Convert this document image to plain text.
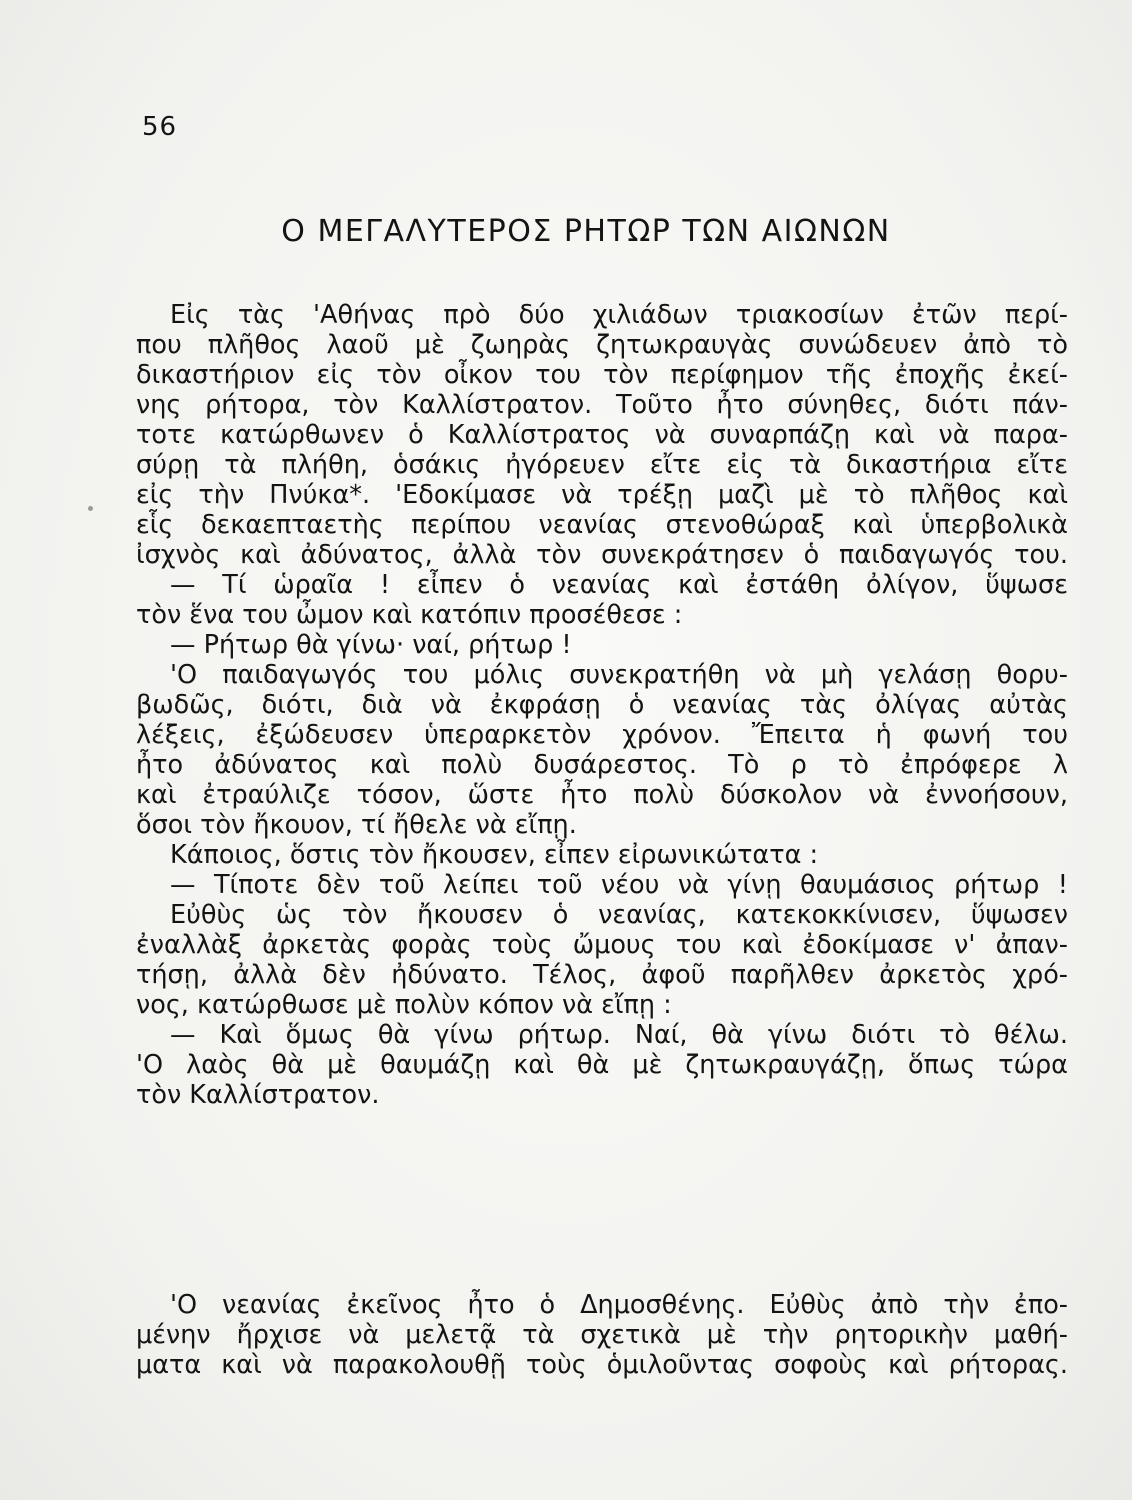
56
Ο ΜΕΓΑΛΥΤΕΡΟΣ ΡΗΤΩΡ ΤΩΝ ΑΙΩΝΩΝ
Εἰς τὰς 'Αθήνας πρὸ δύο χιλιάδων τριακοσίων ἐτῶν περί-
που πλῆθος λαοῦ μὲ ζωηρὰς ζητωκραυγὰς συνώδευεν ἀπὸ τὸ
δικαστήριον εἰς τὸν οἶκον του τὸν περίφημον τῆς ἐποχῆς ἐκεί-
νης ρήτορα, τὸν Καλλίστρατον. Τοῦτο ἦτο σύνηθες, διότι πάν-
τοτε κατώρθωνεν ὁ Καλλίστρατος νὰ συναρπάζῃ καὶ νὰ παρα-
σύρῃ τὰ πλήθη, ὁσάκις ἠγόρευεν εἴτε εἰς τὰ δικαστήρια εἴτε
εἰς τὴν Πνύκα*. 'Εδοκίμασε νὰ τρέξῃ μαζὶ μὲ τὸ πλῆθος καὶ
εἷς δεκαεπταετὴς περίπου νεανίας στενοθώραξ καὶ ὑπερβολικὰ
ἰσχνὸς καὶ ἀδύνατος, ἀλλὰ τὸν συνεκράτησεν ὁ παιδαγωγός του.
— Τί ὡραῖα ! εἶπεν ὁ νεανίας καὶ ἐστάθη ὀλίγον, ὕψωσε
τὸν ἕνα του ὦμον καὶ κατόπιν προσέθεσε :
— Ρήτωρ θὰ γίνω· ναί, ρήτωρ !
'Ο παιδαγωγός του μόλις συνεκρατήθη νὰ μὴ γελάσῃ θορυ-
βωδῶς, διότι, διὰ νὰ ἐκφράσῃ ὁ νεανίας τὰς ὀλίγας αὐτὰς
λέξεις, ἐξώδευσεν ὑπεραρκετὸν χρόνον. Ἔπειτα ἡ φωνή του
ἦτο ἀδύνατος καὶ πολὺ δυσάρεστος. Τὸ ρ τὸ ἐπρόφερε λ
καὶ ἐτραύλιζε τόσον, ὥστε ἦτο πολὺ δύσκολον νὰ ἐννοήσουν,
ὅσοι τὸν ἤκουον, τί ἤθελε νὰ εἴπῃ.
Κάποιος, ὅστις τὸν ἤκουσεν, εἶπεν εἰρωνικώτατα :
— Τίποτε δὲν τοῦ λείπει τοῦ νέου νὰ γίνῃ θαυμάσιος ρήτωρ !
Εὐθὺς ὡς τὸν ἤκουσεν ὁ νεανίας, κατεκοκκίνισεν, ὕψωσεν
ἐναλλὰξ ἀρκετὰς φορὰς τοὺς ὤμους του καὶ ἐδοκίμασε ν' ἀπαν-
τήσῃ, ἀλλὰ δὲν ἠδύνατο. Τέλος, ἀφοῦ παρῆλθεν ἀρκετὸς χρό-
νος, κατώρθωσε μὲ πολὺν κόπον νὰ εἴπῃ :
— Καὶ ὅμως θὰ γίνω ρήτωρ. Ναί, θὰ γίνω διότι τὸ θέλω.
'Ο λαὸς θὰ μὲ θαυμάζῃ καὶ θὰ μὲ ζητωκραυγάζῃ, ὅπως τώρα
τὸν Καλλίστρατον.
'Ο νεανίας ἐκεῖνος ἦτο ὁ Δημοσθένης. Εὐθὺς ἀπὸ τὴν ἐπο-
μένην ἤρχισε νὰ μελετᾷ τὰ σχετικὰ μὲ τὴν ρητορικὴν μαθή-
ματα καὶ νὰ παρακολουθῇ τοὺς ὁμιλοῦντας σοφοὺς καὶ ρήτορας.
